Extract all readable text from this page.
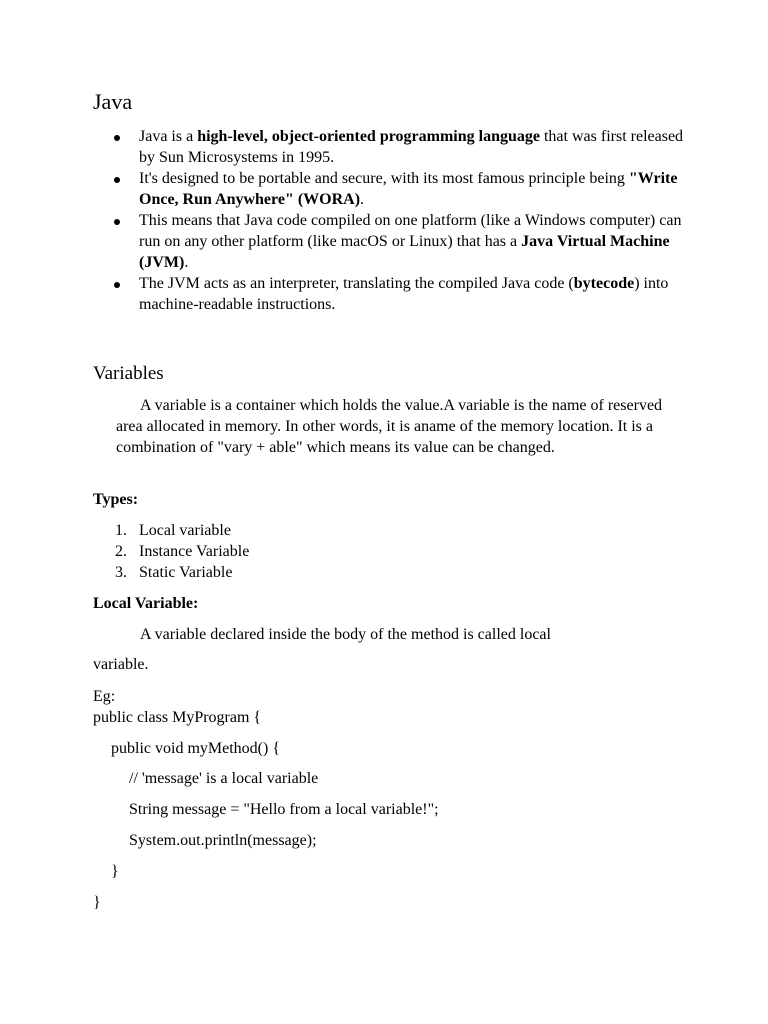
Java
Java is a high-level, object-oriented programming language that was first released by Sun Microsystems in 1995.
It's designed to be portable and secure, with its most famous principle being "Write Once, Run Anywhere" (WORA).
This means that Java code compiled on one platform (like a Windows computer) can run on any other platform (like macOS or Linux) that has a Java Virtual Machine (JVM).
The JVM acts as an interpreter, translating the compiled Java code (bytecode) into machine-readable instructions.
Variables

A variable is a container which holds the value.A variable is the name of reserved area allocated in memory. In other words, it is aname of the memory location. It is a combination of "vary + able" which means its value can be changed.

Types:

1. Local variable
2. Instance Variable
3. Static Variable

Local Variable:

A variable declared inside the body of the method is called local

variable.

Eg:

public class MyProgram {

public void myMethod() {

// 'message' is a local variable

String message = "Hello from a local variable!";

System.out.println(message);

}

}
